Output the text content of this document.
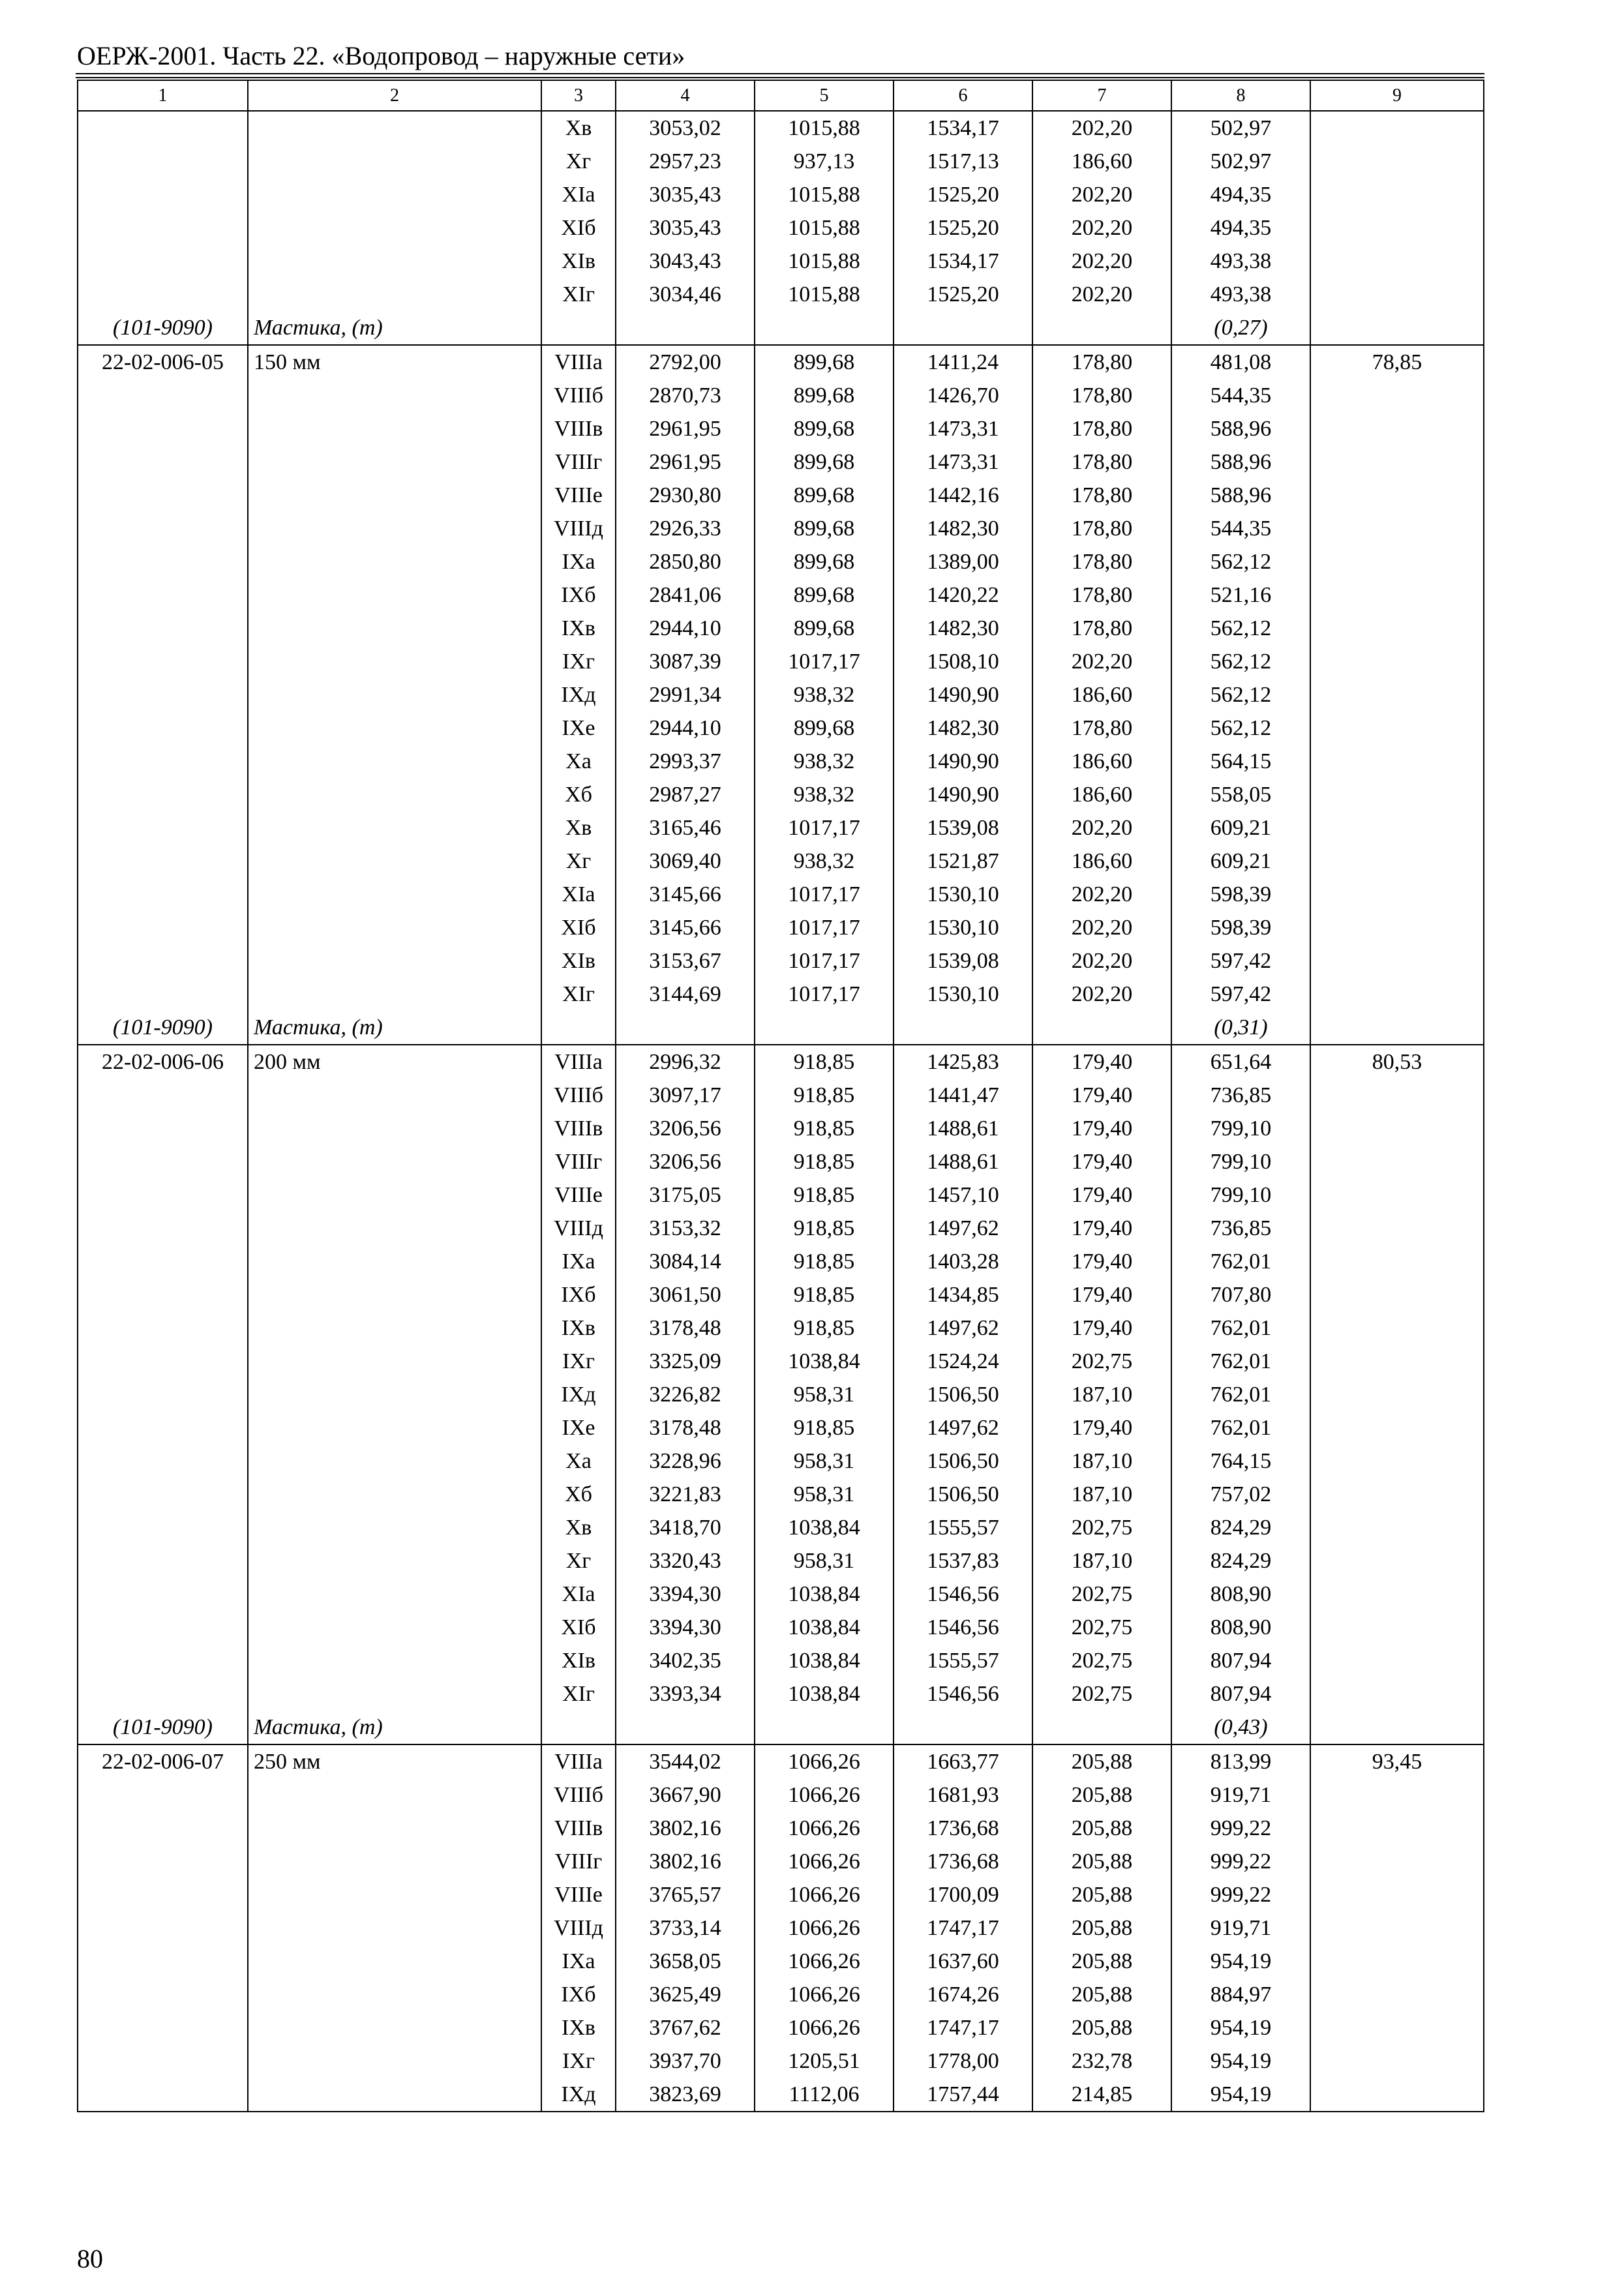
ОЕРЖ-2001. Часть 22. «Водопровод – наружные сети»
1	2	3	4	5	6	7	8	9
		Хв	3053,02	1015,88	1534,17	202,20	502,97	
		Хг	2957,23	937,13	1517,13	186,60	502,97	
		ХIа	3035,43	1015,88	1525,20	202,20	494,35	
		ХIб	3035,43	1015,88	1525,20	202,20	494,35	
		ХIв	3043,43	1015,88	1534,17	202,20	493,38	
		ХIг	3034,46	1015,88	1525,20	202,20	493,38	
(101-9090)	Мастика, (т)						(0,27)	
22-02-006-05	150 мм	VIIIа	2792,00	899,68	1411,24	178,80	481,08	78,85
		VIIIб	2870,73	899,68	1426,70	178,80	544,35	
		VIIIв	2961,95	899,68	1473,31	178,80	588,96	
		VIIIг	2961,95	899,68	1473,31	178,80	588,96	
		VIIIе	2930,80	899,68	1442,16	178,80	588,96	
		VIIIд	2926,33	899,68	1482,30	178,80	544,35	
		IХа	2850,80	899,68	1389,00	178,80	562,12	
		IХб	2841,06	899,68	1420,22	178,80	521,16	
		IХв	2944,10	899,68	1482,30	178,80	562,12	
		IХг	3087,39	1017,17	1508,10	202,20	562,12	
		IХд	2991,34	938,32	1490,90	186,60	562,12	
		IХе	2944,10	899,68	1482,30	178,80	562,12	
		Ха	2993,37	938,32	1490,90	186,60	564,15	
		Хб	2987,27	938,32	1490,90	186,60	558,05	
		Хв	3165,46	1017,17	1539,08	202,20	609,21	
		Хг	3069,40	938,32	1521,87	186,60	609,21	
		ХIа	3145,66	1017,17	1530,10	202,20	598,39	
		ХIб	3145,66	1017,17	1530,10	202,20	598,39	
		ХIв	3153,67	1017,17	1539,08	202,20	597,42	
		ХIг	3144,69	1017,17	1530,10	202,20	597,42	
(101-9090)	Мастика, (т)						(0,31)	
22-02-006-06	200 мм	VIIIа	2996,32	918,85	1425,83	179,40	651,64	80,53
		VIIIб	3097,17	918,85	1441,47	179,40	736,85	
		VIIIв	3206,56	918,85	1488,61	179,40	799,10	
		VIIIг	3206,56	918,85	1488,61	179,40	799,10	
		VIIIе	3175,05	918,85	1457,10	179,40	799,10	
		VIIIд	3153,32	918,85	1497,62	179,40	736,85	
		IХа	3084,14	918,85	1403,28	179,40	762,01	
		IХб	3061,50	918,85	1434,85	179,40	707,80	
		IХв	3178,48	918,85	1497,62	179,40	762,01	
		IХг	3325,09	1038,84	1524,24	202,75	762,01	
		IХд	3226,82	958,31	1506,50	187,10	762,01	
		IХе	3178,48	918,85	1497,62	179,40	762,01	
		Ха	3228,96	958,31	1506,50	187,10	764,15	
		Хб	3221,83	958,31	1506,50	187,10	757,02	
		Хв	3418,70	1038,84	1555,57	202,75	824,29	
		Хг	3320,43	958,31	1537,83	187,10	824,29	
		ХIа	3394,30	1038,84	1546,56	202,75	808,90	
		ХIб	3394,30	1038,84	1546,56	202,75	808,90	
		ХIв	3402,35	1038,84	1555,57	202,75	807,94	
		ХIг	3393,34	1038,84	1546,56	202,75	807,94	
(101-9090)	Мастика, (т)						(0,43)	
22-02-006-07	250 мм	VIIIа	3544,02	1066,26	1663,77	205,88	813,99	93,45
		VIIIб	3667,90	1066,26	1681,93	205,88	919,71	
		VIIIв	3802,16	1066,26	1736,68	205,88	999,22	
		VIIIг	3802,16	1066,26	1736,68	205,88	999,22	
		VIIIе	3765,57	1066,26	1700,09	205,88	999,22	
		VIIIд	3733,14	1066,26	1747,17	205,88	919,71	
		IХа	3658,05	1066,26	1637,60	205,88	954,19	
		IХб	3625,49	1066,26	1674,26	205,88	884,97	
		IХв	3767,62	1066,26	1747,17	205,88	954,19	
		IХг	3937,70	1205,51	1778,00	232,78	954,19	
		IХд	3823,69	1112,06	1757,44	214,85	954,19	
80
